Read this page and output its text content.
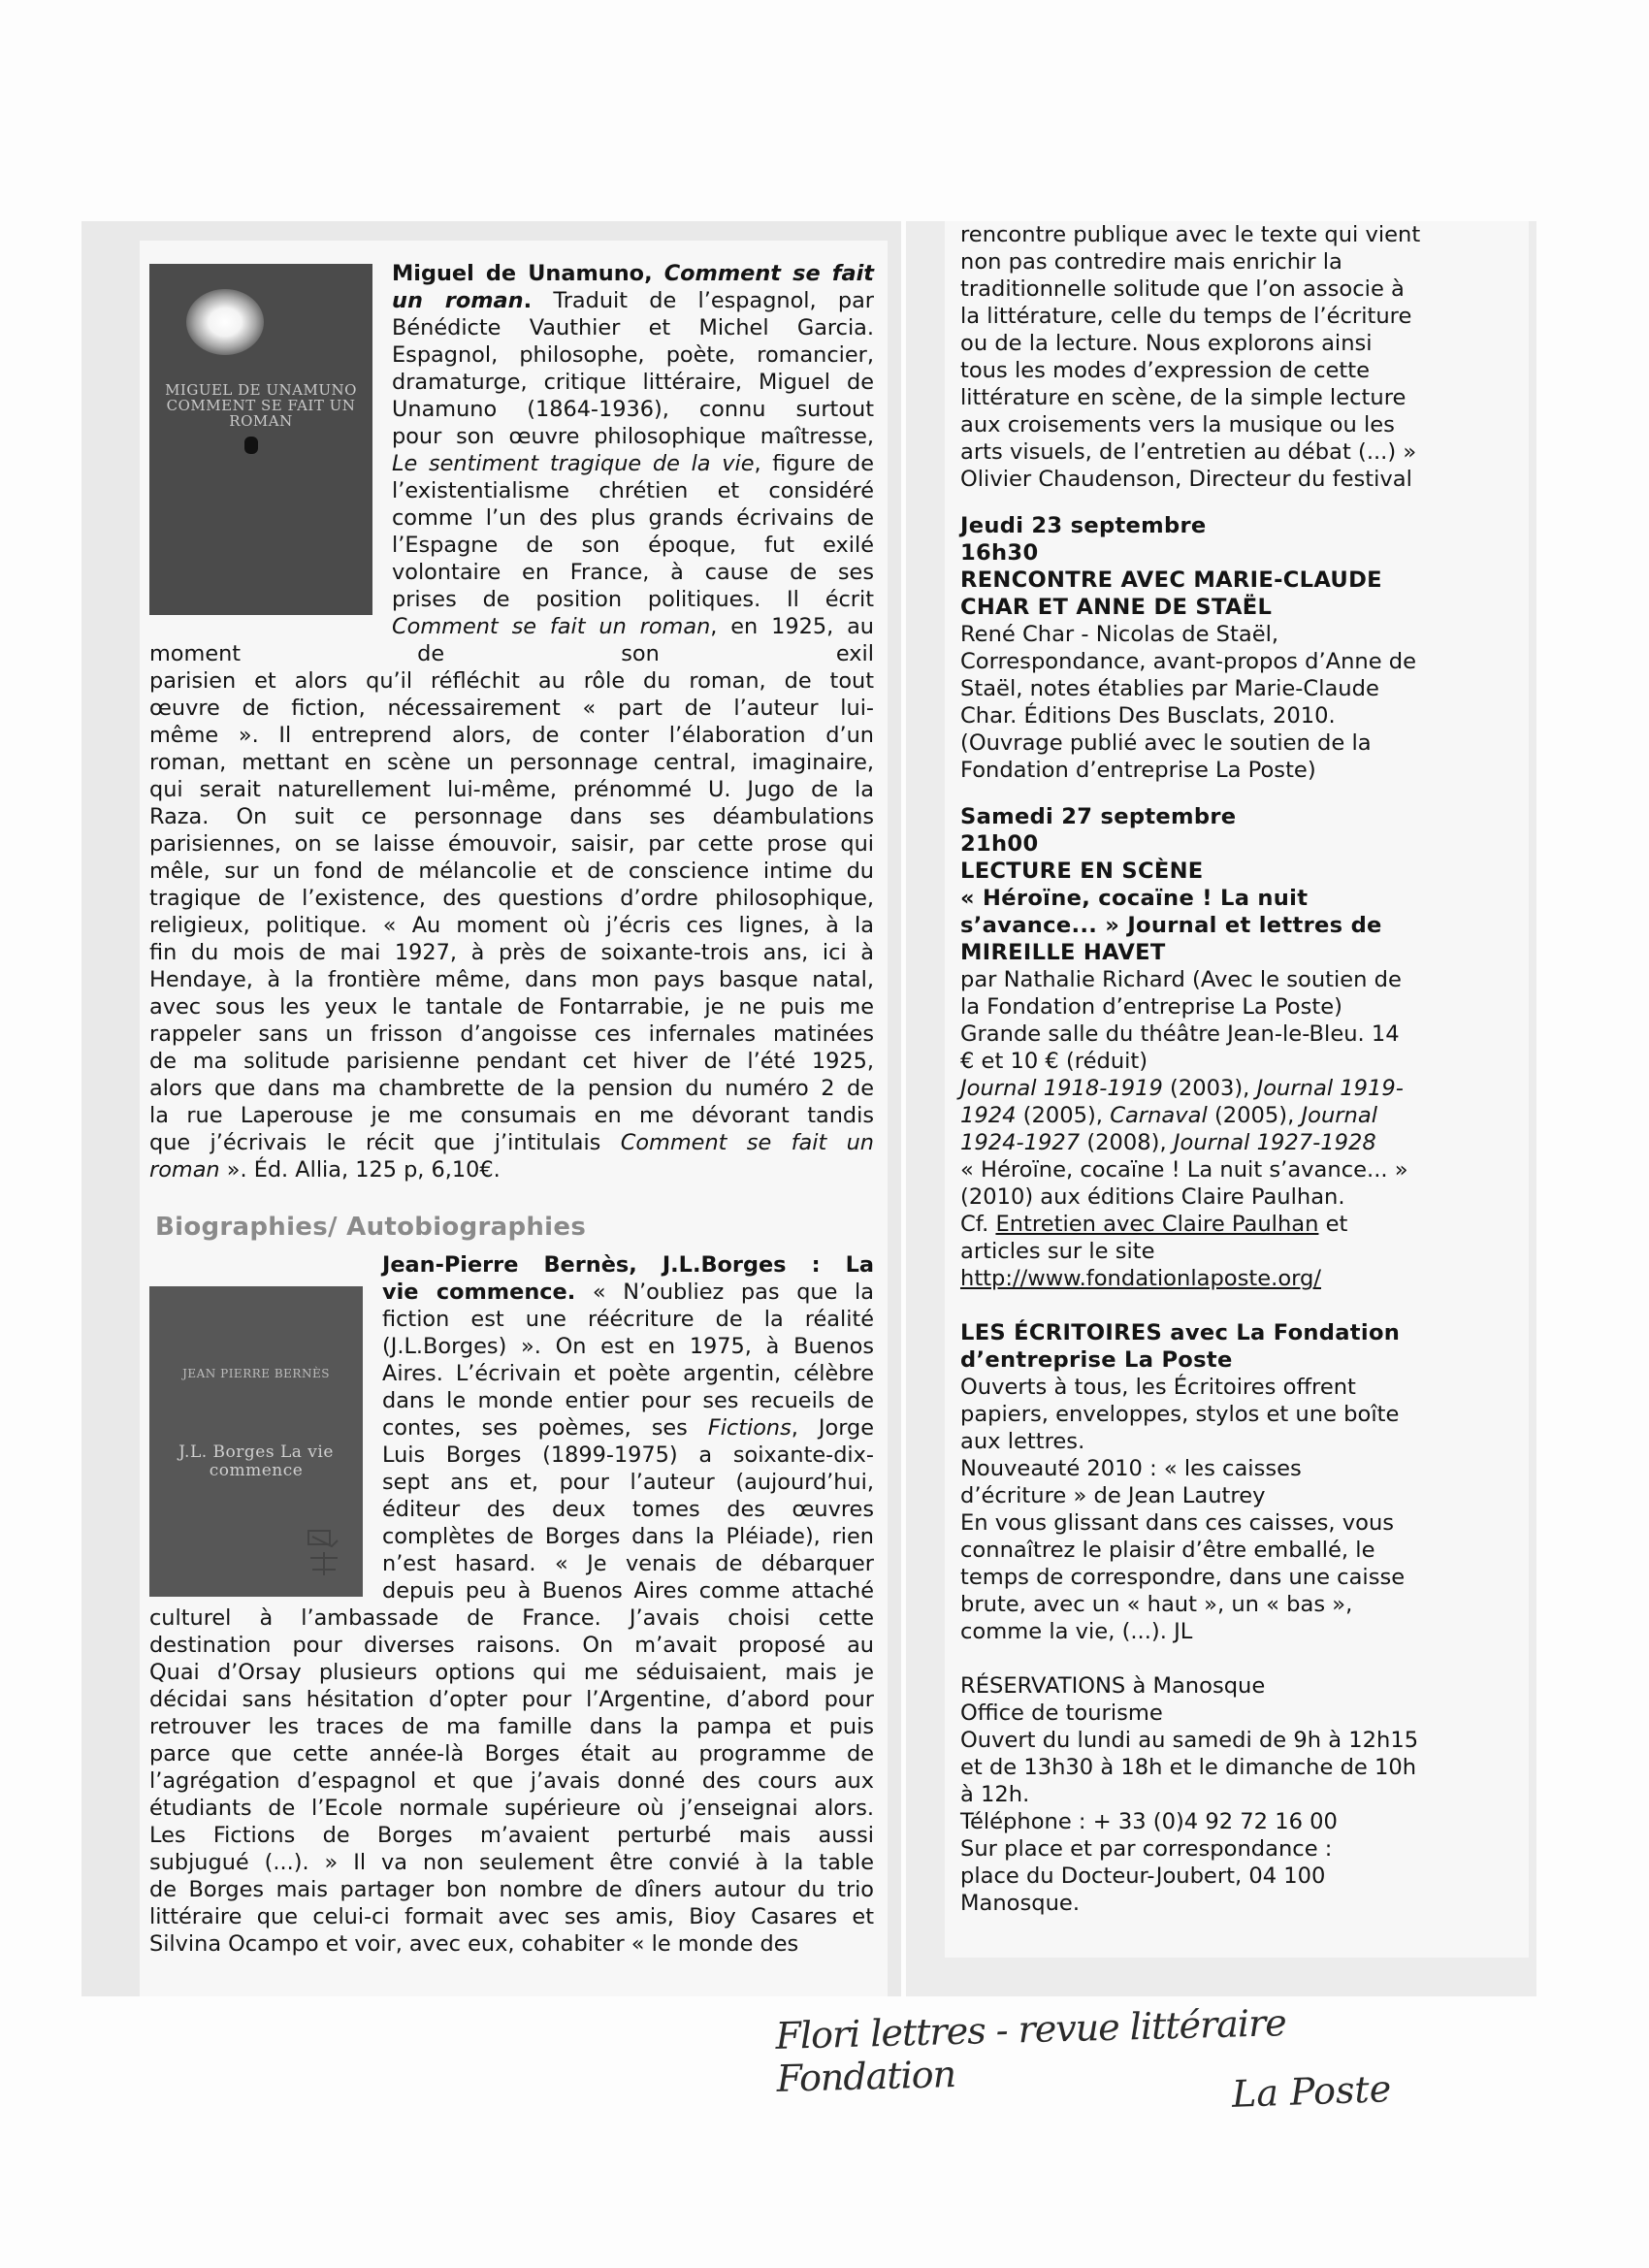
MIGUEL DE UNAMUNO COMMENT SE FAIT UN ROMAN
Miguel de Unamuno, Comment se fait
un roman. Traduit de l’espagnol, par
Bénédicte Vauthier et Michel Garcia.
Espagnol, philosophe, poète, romancier,
dramaturge, critique littéraire, Miguel de
Unamuno (1864-1936), connu surtout
pour son œuvre philosophique maîtresse,
Le sentiment tragique de la vie, figure de
l’existentialisme chrétien et considéré
comme l’un des plus grands écrivains de
l’Espagne de son époque, fut exilé
volontaire en France, à cause de ses
prises de position politiques. Il écrit
Comment se fait un roman, en 1925, au moment de son exil
parisien et alors qu’il réfléchit au rôle du roman, de tout
œuvre de fiction, nécessairement « part de l’auteur lui-
même ». Il entreprend alors, de conter l’élaboration d’un
roman, mettant en scène un personnage central, imaginaire,
qui serait naturellement lui-même, prénommé U. Jugo de la
Raza. On suit ce personnage dans ses déambulations
parisiennes, on se laisse émouvoir, saisir, par cette prose qui
mêle, sur un fond de mélancolie et de conscience intime du
tragique de l’existence, des questions d’ordre philosophique,
religieux, politique. « Au moment où j’écris ces lignes, à la
fin du mois de mai 1927, à près de soixante-trois ans, ici à
Hendaye, à la frontière même, dans mon pays basque natal,
avec sous les yeux le tantale de Fontarrabie, je ne puis me
rappeler sans un frisson d’angoisse ces infernales matinées
de ma solitude parisienne pendant cet hiver de l’été 1925,
alors que dans ma chambrette de la pension du numéro 2 de
la rue Laperouse je me consumais en me dévorant tandis
que j’écrivais le récit que j’intitulais Comment se fait un
roman ». Éd. Allia, 125 p, 6,10€.
Biographies/ Autobiographies
JEAN PIERRE BERNÈS
J.L. Borges La vie commence
Jean-Pierre Bernès, J.L.Borges : La
vie commence. « N’oubliez pas que la
fiction est une réécriture de la réalité
(J.L.Borges) ». On est en 1975, à Buenos
Aires. L’écrivain et poète argentin, célèbre
dans le monde entier pour ses recueils de
contes, ses poèmes, ses Fictions, Jorge
Luis Borges (1899-1975) a soixante-dix-
sept ans et, pour l’auteur (aujourd’hui,
éditeur des deux tomes des œuvres
complètes de Borges dans la Pléiade), rien
n’est hasard. « Je venais de débarquer
depuis peu à Buenos Aires comme attaché
culturel à l’ambassade de France. J’avais choisi cette
destination pour diverses raisons. On m’avait proposé au
Quai d’Orsay plusieurs options qui me séduisaient, mais je
décidai sans hésitation d’opter pour l’Argentine, d’abord pour
retrouver les traces de ma famille dans la pampa et puis
parce que cette année-là Borges était au programme de
l’agrégation d’espagnol et que j’avais donné des cours aux
étudiants de l’Ecole normale supérieure où j’enseignai alors.
Les Fictions de Borges m’avaient perturbé mais aussi
subjugué (...). » Il va non seulement être convié à la table
de Borges mais partager bon nombre de dîners autour du trio
littéraire que celui-ci formait avec ses amis, Bioy Casares et
Silvina Ocampo et voir, avec eux, cohabiter « le monde des
rencontre publique avec le texte qui vient
non pas contredire mais enrichir la
traditionnelle solitude que l’on associe à
la littérature, celle du temps de l’écriture
ou de la lecture. Nous explorons ainsi
tous les modes d’expression de cette
littérature en scène, de la simple lecture
aux croisements vers la musique ou les
arts visuels, de l’entretien au débat (...) »
Olivier Chaudenson, Directeur du festival
Jeudi 23 septembre
16h30
RENCONTRE AVEC MARIE-CLAUDE
CHAR ET ANNE DE STAËL
René Char - Nicolas de Staël,
Correspondance, avant-propos d’Anne de
Staël, notes établies par Marie-Claude
Char. Éditions Des Busclats, 2010.
(Ouvrage publié avec le soutien de la
Fondation d’entreprise La Poste)
Samedi 27 septembre
21h00
LECTURE EN SCÈNE
« Héroïne, cocaïne ! La nuit
s’avance... » Journal et lettres de
MIREILLE HAVET
par Nathalie Richard (Avec le soutien de
la Fondation d’entreprise La Poste)
Grande salle du théâtre Jean-le-Bleu. 14
€ et 10 € (réduit)
Journal 1918-1919 (2003), Journal 1919-
1924 (2005), Carnaval (2005), Journal
1924-1927 (2008), Journal 1927-1928
« Héroïne, cocaïne ! La nuit s’avance... »
(2010) aux éditions Claire Paulhan.
Cf. Entretien avec Claire Paulhan et
articles sur le site
http://www.fondationlaposte.org/
LES ÉCRITOIRES avec La Fondation
d’entreprise La Poste
Ouverts à tous, les Écritoires offrent
papiers, enveloppes, stylos et une boîte
aux lettres.
Nouveauté 2010 : « les caisses
d’écriture » de Jean Lautrey
En vous glissant dans ces caisses, vous
connaîtrez le plaisir d’être emballé, le
temps de correspondre, dans une caisse
brute, avec un « haut », un « bas »,
comme la vie, (...). JL
RÉSERVATIONS à Manosque
Office de tourisme
Ouvert du lundi au samedi de 9h à 12h15
et de 13h30 à 18h et le dimanche de 10h
à 12h.
Téléphone : + 33 (0)4 92 72 16 00
Sur place et par correspondance :
place du Docteur-Joubert, 04 100
Manosque.
Flori lettres - revue littéraire Fondation	La Poste
